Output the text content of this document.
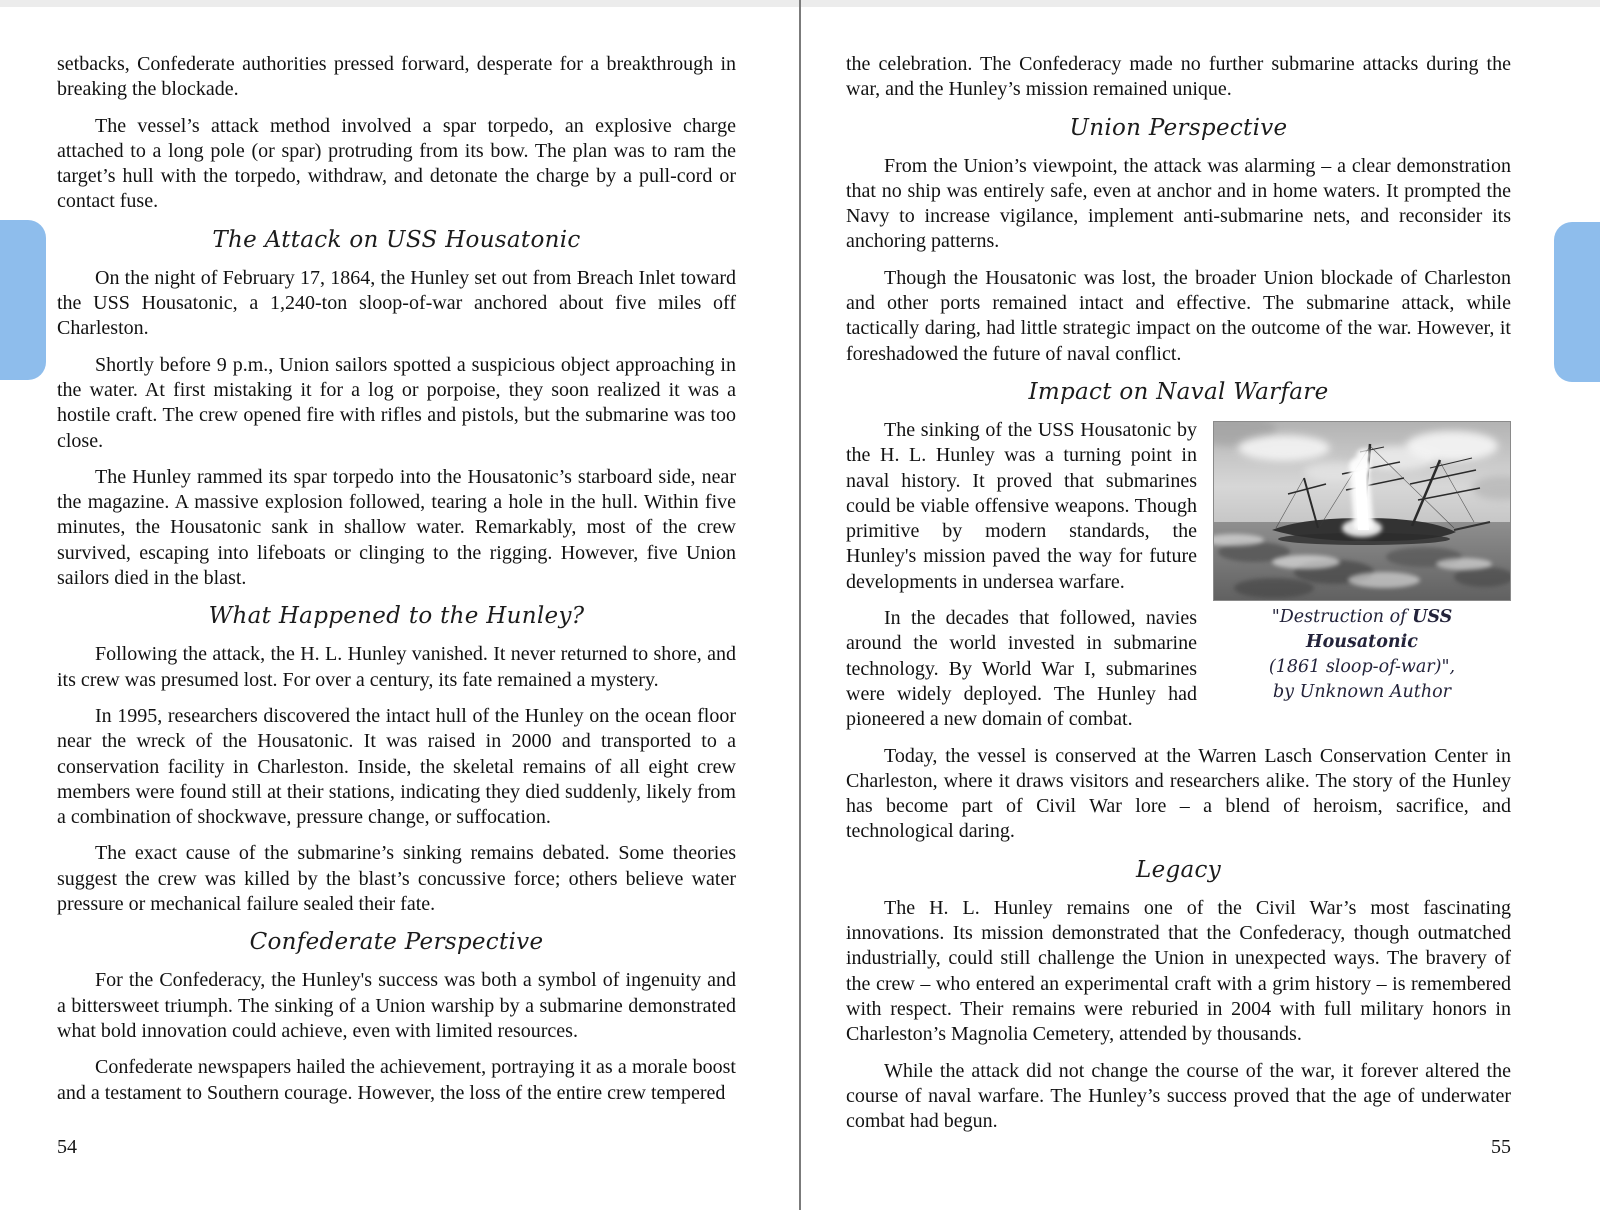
setbacks, Confederate authorities pressed forward, desperate for a breakthrough in breaking the blockade.

The vessel’s attack method involved a spar torpedo, an explosive charge attached to a long pole (or spar) protruding from its bow. The plan was to ram the target’s hull with the torpedo, withdraw, and detonate the charge by a pull-cord or contact fuse.

The Attack on USS Housatonic

On the night of February 17, 1864, the Hunley set out from Breach Inlet toward the USS Housatonic, a 1,240-ton sloop-of-war anchored about five miles off Charleston.

Shortly before 9 p.m., Union sailors spotted a suspicious object approaching in the water. At first mistaking it for a log or porpoise, they soon realized it was a hostile craft. The crew opened fire with rifles and pistols, but the submarine was too close.

The Hunley rammed its spar torpedo into the Housatonic’s starboard side, near the magazine. A massive explosion followed, tearing a hole in the hull. Within five minutes, the Housatonic sank in shallow water. Remarkably, most of the crew survived, escaping into lifeboats or clinging to the rigging. However, five Union sailors died in the blast.

What Happened to the Hunley?

Following the attack, the H. L. Hunley vanished. It never returned to shore, and its crew was presumed lost. For over a century, its fate remained a mystery.

In 1995, researchers discovered the intact hull of the Hunley on the ocean floor near the wreck of the Housatonic. It was raised in 2000 and transported to a conservation facility in Charleston. Inside, the skeletal remains of all eight crew members were found still at their stations, indicating they died suddenly, likely from a combination of shockwave, pressure change, or suffocation.

The exact cause of the submarine’s sinking remains debated. Some theories suggest the crew was killed by the blast’s concussive force; others believe water pressure or mechanical failure sealed their fate.

Confederate Perspective

For the Confederacy, the Hunley's success was both a symbol of ingenuity and a bittersweet triumph. The sinking of a Union warship by a submarine demonstrated what bold innovation could achieve, even with limited resources.

Confederate newspapers hailed the achievement, portraying it as a morale boost and a testament to Southern courage. However, the loss of the entire crew tempered

54

the celebration. The Confederacy made no further submarine attacks during the war, and the Hunley’s mission remained unique.

Union Perspective

From the Union’s viewpoint, the attack was alarming – a clear demonstration that no ship was entirely safe, even at anchor and in home waters. It prompted the Navy to increase vigilance, implement anti-submarine nets, and reconsider its anchoring patterns.

Though the Housatonic was lost, the broader Union blockade of Charleston and other ports remained intact and effective. The submarine attack, while tactically daring, had little strategic impact on the outcome of the war. However, it foreshadowed the future of naval conflict.

Impact on Naval Warfare
"Destruction of USS Housatonic
(1861 sloop-of-war)",
by Unknown Author

The sinking of the USS Housatonic by the H. L. Hunley was a turning point in naval history. It proved that submarines could be viable offensive weapons. Though primitive by modern standards, the Hunley's mission paved the way for future developments in undersea warfare.

In the decades that followed, navies around the world invested in submarine technology. By World War I, submarines were widely deployed. The Hunley had pioneered a new domain of combat.

Today, the vessel is conserved at the Warren Lasch Conservation Center in Charleston, where it draws visitors and researchers alike. The story of the Hunley has become part of Civil War lore – a blend of heroism, sacrifice, and technological daring.

Legacy

The H. L. Hunley remains one of the Civil War’s most fascinating innovations. Its mission demonstrated that the Confederacy, though outmatched industrially, could still challenge the Union in unexpected ways. The bravery of the crew – who entered an experimental craft with a grim history – is remembered with respect. Their remains were reburied in 2004 with full military honors in Charleston’s Magnolia Cemetery, attended by thousands.

While the attack did not change the course of the war, it forever altered the course of naval warfare. The Hunley’s success proved that the age of underwater combat had begun.

55
